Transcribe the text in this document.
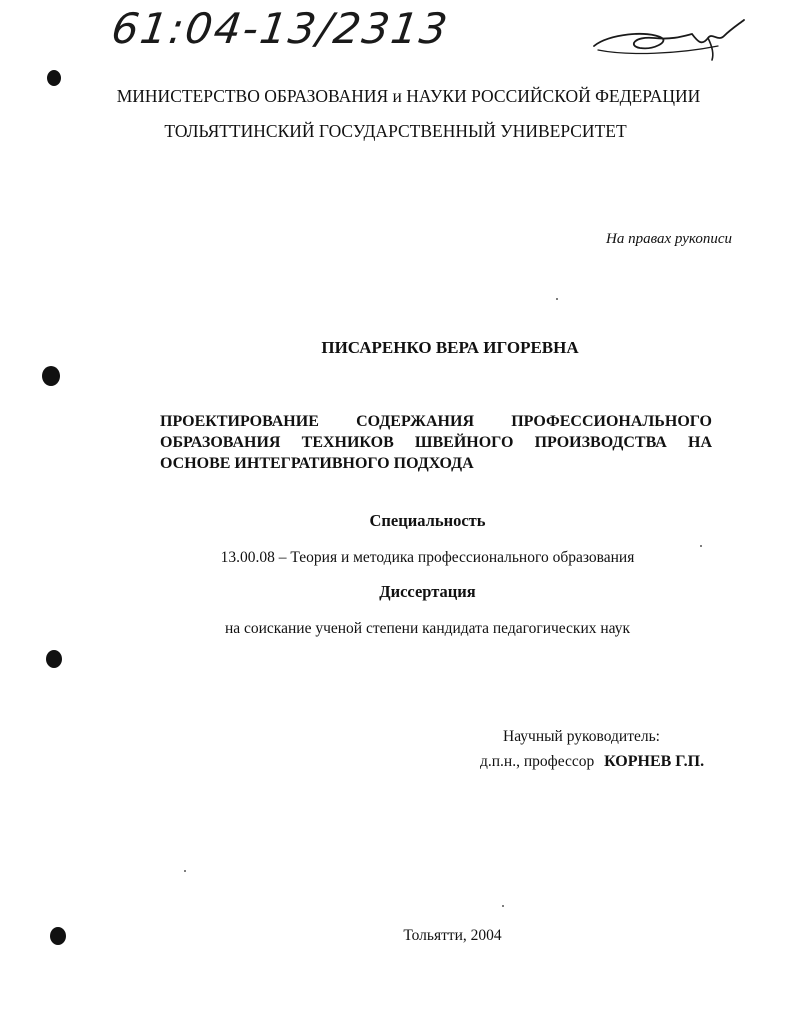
61:04-13/2313
МИНИСТЕРСТВО ОБРАЗОВАНИЯ и НАУКИ РОССИЙСКОЙ ФЕДЕРАЦИИ
ТОЛЬЯТТИНСКИЙ ГОСУДАРСТВЕННЫЙ УНИВЕРСИТЕТ
На правах рукописи
ПИСАРЕНКО ВЕРА ИГОРЕВНА
ПРОЕКТИРОВАНИЕ СОДЕРЖАНИЯ ПРОФЕССИОНАЛЬНОГО ОБРАЗОВАНИЯ ТЕХНИКОВ ШВЕЙНОГО ПРОИЗВОДСТВА НА ОСНОВЕ ИНТЕГРАТИВНОГО ПОДХОДА
Специальность
13.00.08 – Теория и методика профессионального образования
Диссертация
на соискание ученой степени кандидата педагогических наук
Научный руководитель:
д.п.н., профессор КОРНЕВ Г.П.
Тольятти, 2004
